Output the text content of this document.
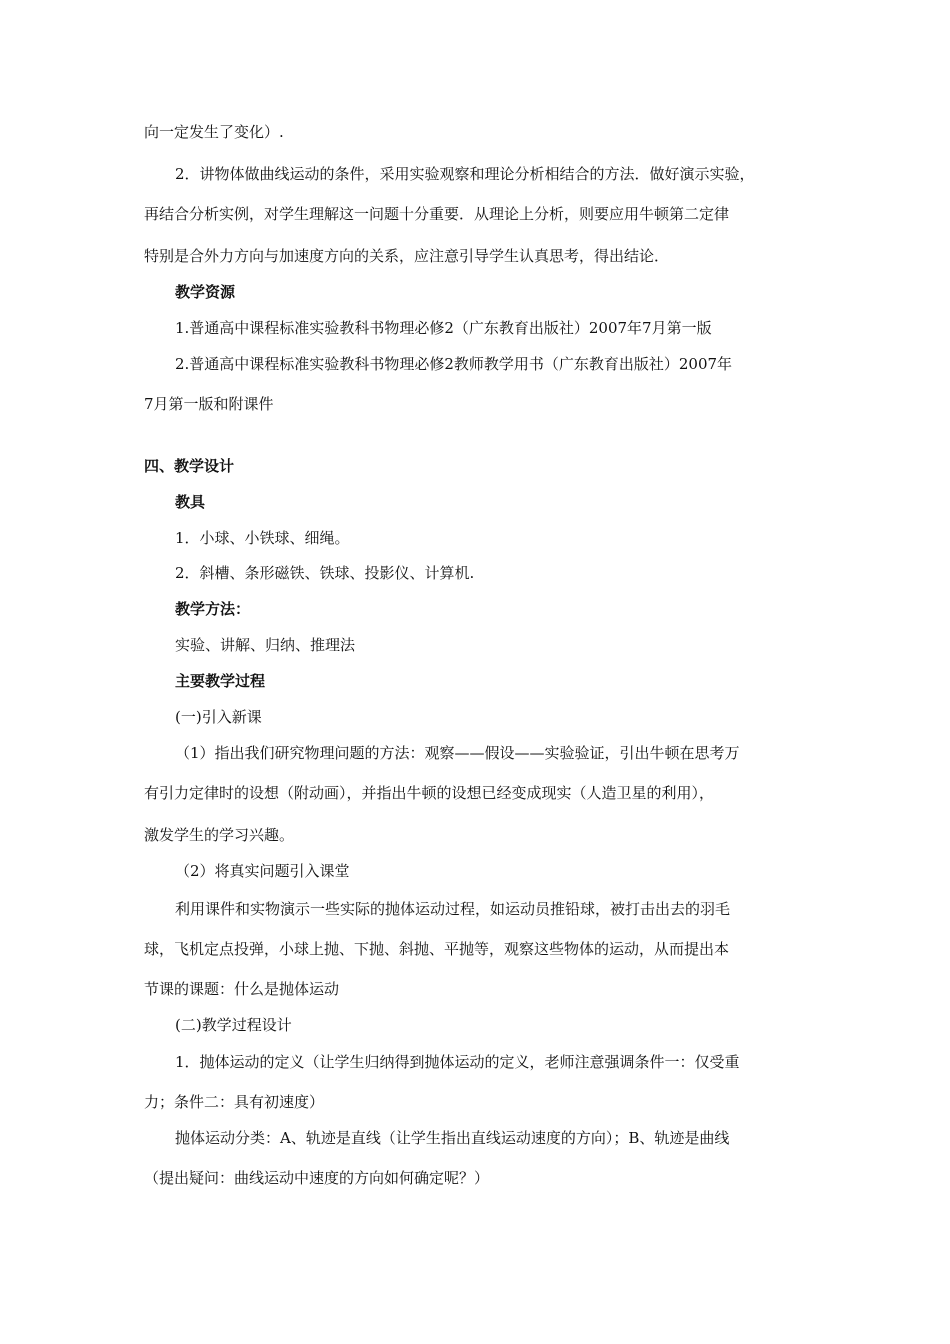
向一定发生了变化）.
2．讲物体做曲线运动的条件，采用实验观察和理论分析相结合的方法．做好演示实验，
再结合分析实例，对学生理解这一问题十分重要．从理论上分析，则要应用牛顿第二定律
特别是合外力方向与加速度方向的关系，应注意引导学生认真思考，得出结论．
教学资源
1.普通高中课程标准实验教科书物理必修2（广东教育出版社）2007年7月第一版
2.普通高中课程标准实验教科书物理必修2教师教学用书（广东教育出版社）2007年
7月第一版和附课件
四、教学设计
教具
1．小球、小铁球、细绳。
2．斜槽、条形磁铁、铁球、投影仪、计算机.
教学方法：
实验、讲解、归纳、推理法
主要教学过程
(一)引入新课
（1）指出我们研究物理问题的方法：观察——假设——实验验证，引出牛顿在思考万
有引力定律时的设想（附动画），并指出牛顿的设想已经变成现实（人造卫星的利用），
激发学生的学习兴趣。
（2）将真实问题引入课堂
利用课件和实物演示一些实际的抛体运动过程，如运动员推铅球，被打击出去的羽毛
球，飞机定点投弹，小球上抛、下抛、斜抛、平抛等，观察这些物体的运动，从而提出本
节课的课题：什么是抛体运动
(二)教学过程设计
1．抛体运动的定义（让学生归纳得到抛体运动的定义，老师注意强调条件一：仅受重
力；条件二：具有初速度）
抛体运动分类：A、轨迹是直线（让学生指出直线运动速度的方向）；B、轨迹是曲线
（提出疑问：曲线运动中速度的方向如何确定呢？）
